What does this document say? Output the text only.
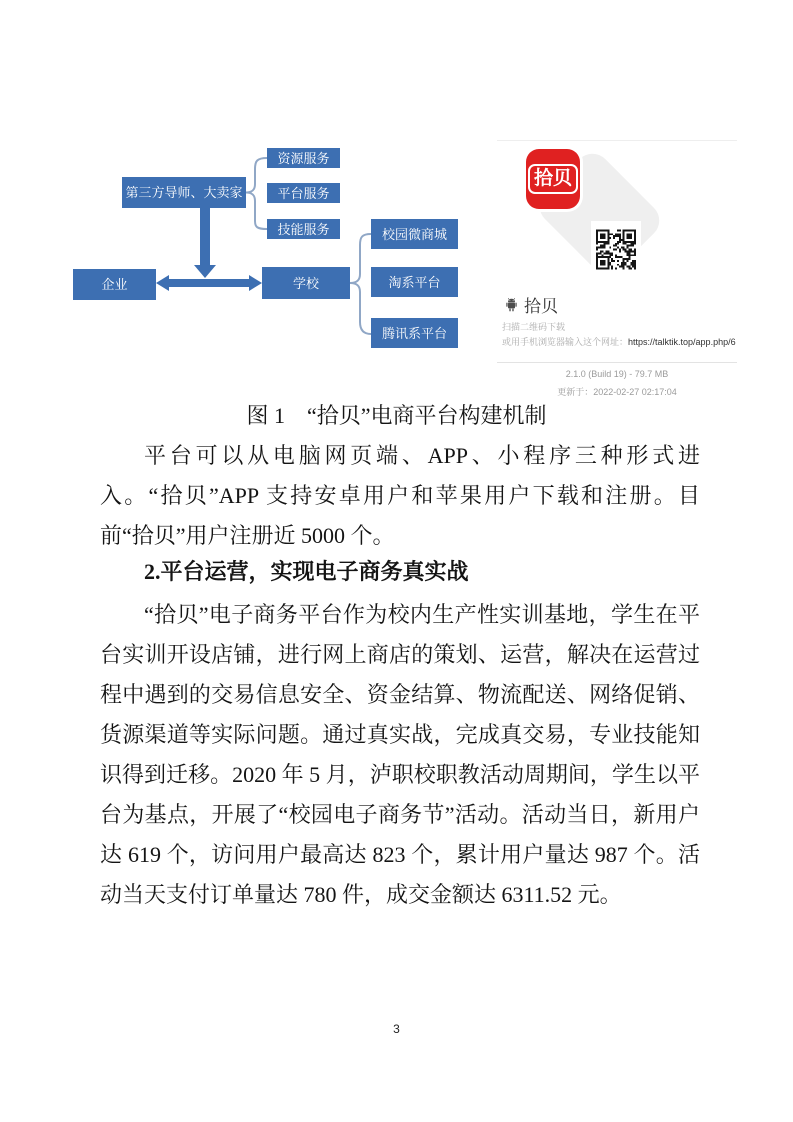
第三方导师、大卖家
资源服务
平台服务
技能服务
企业	学校
校园微商城
淘系平台
腾讯系平台
拾贝
拾贝
扫描二维码下载
或用手机浏览器输入这个网址：https://talktik.top/app.php/6
2.1.0 (Build 19) - 79.7 MB
更新于：2022-02-27 02:17:04
图 1　“拾贝”电商平台构建机制
平台可以从电脑网页端、APP、小程序三种形式进入。“拾贝”APP 支持安卓用户和苹果用户下载和注册。目前“拾贝”用户注册近 5000 个。
2.平台运营，实现电子商务真实战
“拾贝”电子商务平台作为校内生产性实训基地，学生在平台实训开设店铺，进行网上商店的策划、运营，解决在运营过程中遇到的交易信息安全、资金结算、物流配送、网络促销、货源渠道等实际问题。通过真实战，完成真交易，专业技能知识得到迁移。2020 年 5 月，泸职校职教活动周期间，学生以平台为基点，开展了“校园电子商务节”活动。活动当日，新用户达 619 个，访问用户最高达 823 个，累计用户量达 987 个。活动当天支付订单量达 780 件，成交金额达 6311.52 元。
3
